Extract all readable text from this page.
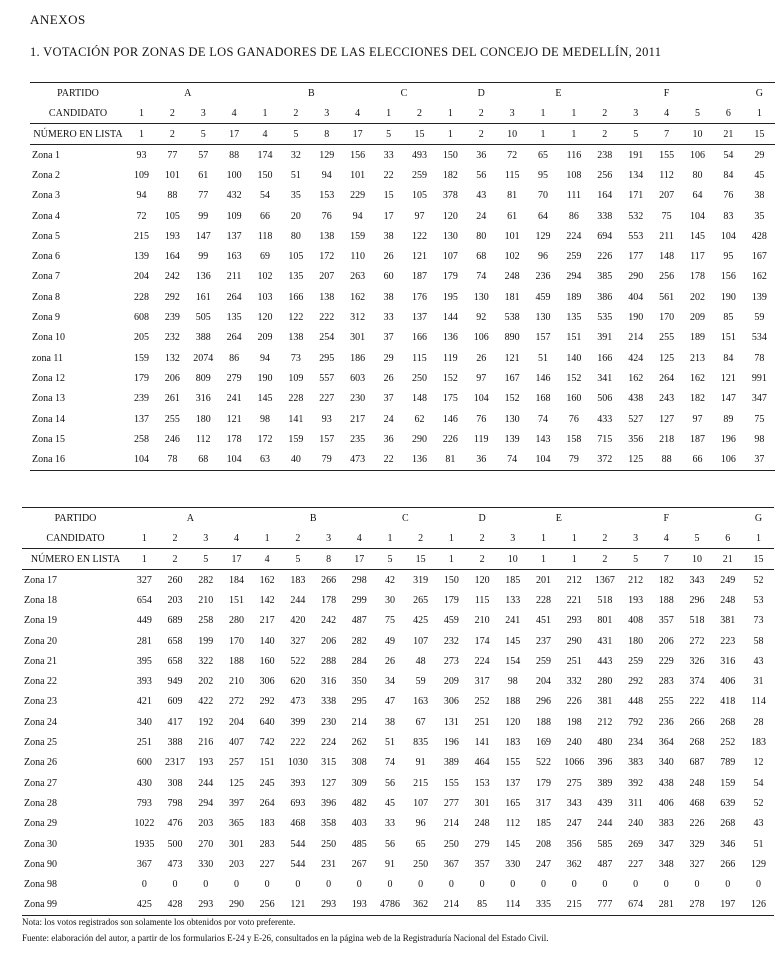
ANEXOS
1. VOTACIÓN POR ZONAS DE LOS GANADORES DE LAS ELECCIONES DEL CONCEJO DE MEDELLÍN, 2011
PARTIDO	A				B				C		D			E		F					G
CANDIDATO	1	2	3	4	1	2	3	4	1	2	1	2	3	1	1	2	3	4	5	6	1
NÚMERO EN LISTA	1	2	5	17	4	5	8	17	5	15	1	2	10	1	1	2	5	7	10	21	15
Zona 1	93	77	57	88	174	32	129	156	33	493	150	36	72	65	116	238	191	155	106	54	29
Zona 2	109	101	61	100	150	51	94	101	22	259	182	56	115	95	108	256	134	112	80	84	45
Zona 3	94	88	77	432	54	35	153	229	15	105	378	43	81	70	111	164	171	207	64	76	38
Zona 4	72	105	99	109	66	20	76	94	17	97	120	24	61	64	86	338	532	75	104	83	35
Zona 5	215	193	147	137	118	80	138	159	38	122	130	80	101	129	224	694	553	211	145	104	428
Zona 6	139	164	99	163	69	105	172	110	26	121	107	68	102	96	259	226	177	148	117	95	167
Zona 7	204	242	136	211	102	135	207	263	60	187	179	74	248	236	294	385	290	256	178	156	162
Zona 8	228	292	161	264	103	166	138	162	38	176	195	130	181	459	189	386	404	561	202	190	139
Zona 9	608	239	505	135	120	122	222	312	33	137	144	92	538	130	135	535	190	170	209	85	59
Zona 10	205	232	388	264	209	138	254	301	37	166	136	106	890	157	151	391	214	255	189	151	534
zona 11	159	132	2074	86	94	73	295	186	29	115	119	26	121	51	140	166	424	125	213	84	78
Zona 12	179	206	809	279	190	109	557	603	26	250	152	97	167	146	152	341	162	264	162	121	991
Zona 13	239	261	316	241	145	228	227	230	37	148	175	104	152	168	160	506	438	243	182	147	347
Zona 14	137	255	180	121	98	141	93	217	24	62	146	76	130	74	76	433	527	127	97	89	75
Zona 15	258	246	112	178	172	159	157	235	36	290	226	119	139	143	158	715	356	218	187	196	98
Zona 16	104	78	68	104	63	40	79	473	22	136	81	36	74	104	79	372	125	88	66	106	37
PARTIDO	A				B				C		D			E		F					G
CANDIDATO	1	2	3	4	1	2	3	4	1	2	1	2	3	1	1	2	3	4	5	6	1
NÚMERO EN LISTA	1	2	5	17	4	5	8	17	5	15	1	2	10	1	1	2	5	7	10	21	15
Zona 17	327	260	282	184	162	183	266	298	42	319	150	120	185	201	212	1367	212	182	343	249	52
Zona 18	654	203	210	151	142	244	178	299	30	265	179	115	133	228	221	518	193	188	296	248	53
Zona 19	449	689	258	280	217	420	242	487	75	425	459	210	241	451	293	801	408	357	518	381	73
Zona 20	281	658	199	170	140	327	206	282	49	107	232	174	145	237	290	431	180	206	272	223	58
Zona 21	395	658	322	188	160	522	288	284	26	48	273	224	154	259	251	443	259	229	326	316	43
Zona 22	393	949	202	210	306	620	316	350	34	59	209	317	98	204	332	280	292	283	374	406	31
Zona 23	421	609	422	272	292	473	338	295	47	163	306	252	188	296	226	381	448	255	222	418	114
Zona 24	340	417	192	204	640	399	230	214	38	67	131	251	120	188	198	212	792	236	266	268	28
Zona 25	251	388	216	407	742	222	224	262	51	835	196	141	183	169	240	480	234	364	268	252	183
Zona 26	600	2317	193	257	151	1030	315	308	74	91	389	464	155	522	1066	396	383	340	687	789	12
Zona 27	430	308	244	125	245	393	127	309	56	215	155	153	137	179	275	389	392	438	248	159	54
Zona 28	793	798	294	397	264	693	396	482	45	107	277	301	165	317	343	439	311	406	468	639	52
Zona 29	1022	476	203	365	183	468	358	403	33	96	214	248	112	185	247	244	240	383	226	268	43
Zona 30	1935	500	270	301	283	544	250	485	56	65	250	279	145	208	356	585	269	347	329	346	51
Zona 90	367	473	330	203	227	544	231	267	91	250	367	357	330	247	362	487	227	348	327	266	129
Zona 98	0	0	0	0	0	0	0	0	0	0	0	0	0	0	0	0	0	0	0	0	0
Zona 99	425	428	293	290	256	121	293	193	4786	362	214	85	114	335	215	777	674	281	278	197	126
Nota: los votos registrados son solamente los obtenidos por voto preferente.
Fuente: elaboración del autor, a partir de los formularios E-24 y E-26, consultados en la página web de la Registraduría Nacional del Estado Civil.
